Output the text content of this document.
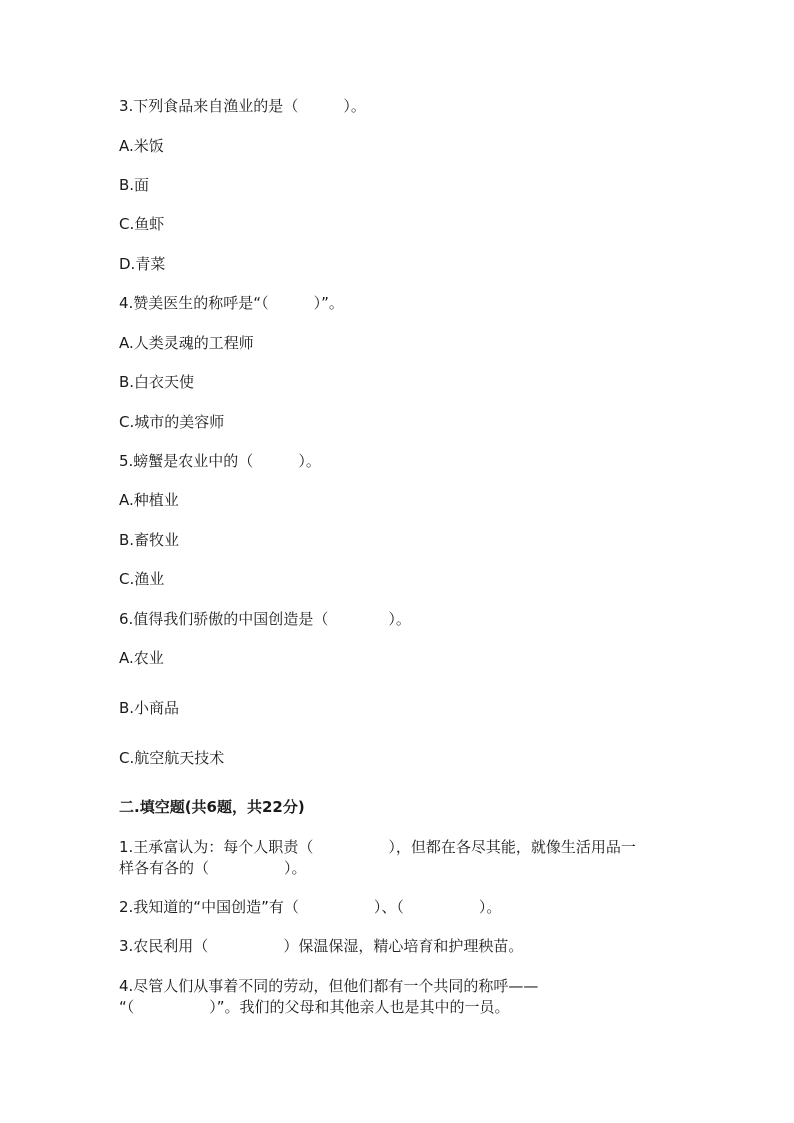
3.下列食品来自渔业的是（　　　）。
A.米饭
B.面
C.鱼虾
D.青菜
4.赞美医生的称呼是“（　　　）”。
A.人类灵魂的工程师
B.白衣天使
C.城市的美容师
5.螃蟹是农业中的（　　　）。
A.种植业
B.畜牧业
C.渔业
6.值得我们骄傲的中国创造是（　　　　）。
A.农业
B.小商品
C.航空航天技术
二.填空题(共6题，共22分)
1.王承富认为：每个人职责（　　　　　），但都在各尽其能，就像生活用品一
样各有各的（　　　　　）。
2.我知道的“中国创造”有（　　　　　）、（　　　　　）。
3.农民利用（　　　　　）保温保湿，精心培育和护理秧苗。
4.尽管人们从事着不同的劳动，但他们都有一个共同的称呼——
“（　　　　　）”。我们的父母和其他亲人也是其中的一员。
